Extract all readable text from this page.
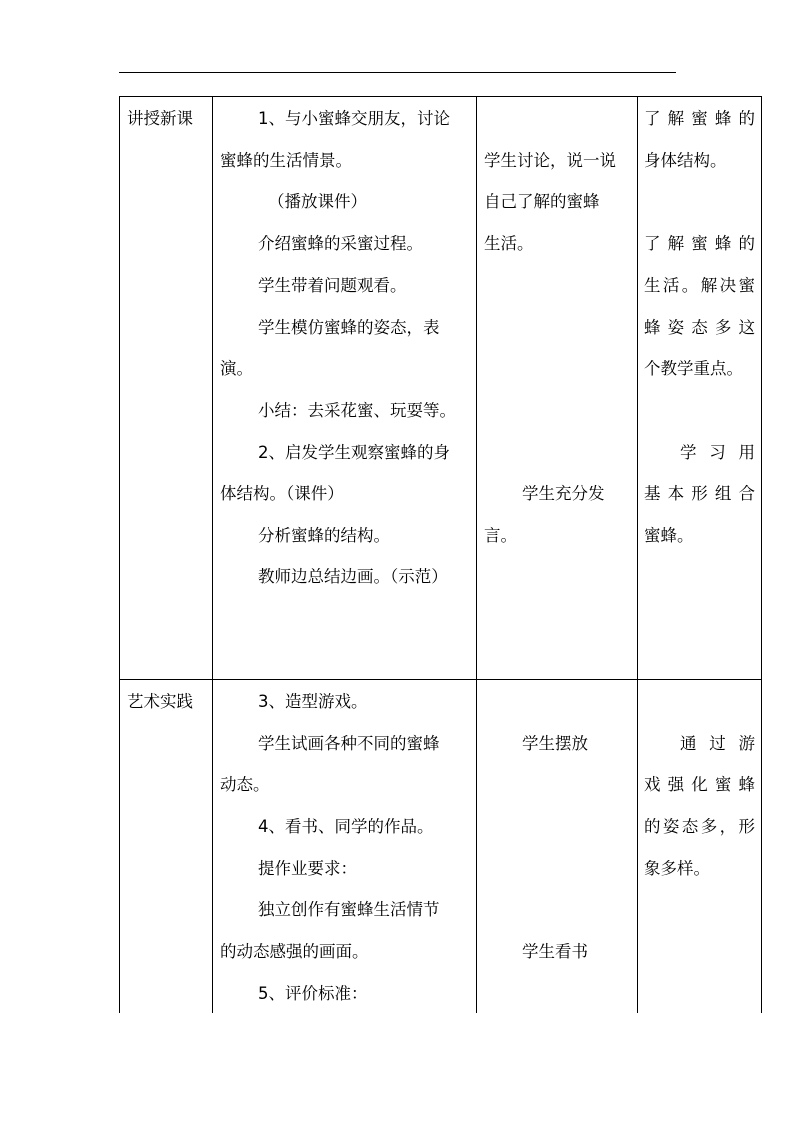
讲授新课	1、与小蜜蜂交朋友，讨论
蜜蜂的生活情景。
（播放课件）
介绍蜜蜂的采蜜过程。
学生带着问题观看。
学生模仿蜜蜂的姿态，表
演。
小结：去采花蜜、玩耍等。
2、启发学生观察蜜蜂的身
体结构。（课件）
分析蜜蜂的结构。
教师边总结边画。（示范）
学生讨论，说一说
自己了解的蜜蜂
生活。
学生充分发
言。
了解蜜蜂的
身体结构。
了解蜜蜂的
生活。解决蜜
蜂姿态多这
个教学重点。
学习用
基本形组合
蜜蜂。
艺术实践	3、造型游戏。
学生试画各种不同的蜜蜂
动态。
4、看书、同学的作品。
提作业要求：
独立创作有蜜蜂生活情节
的动态感强的画面。
5、评价标准：
学生摆放
学生看书
通过游
戏强化蜜蜂
的姿态多，形
象多样。
